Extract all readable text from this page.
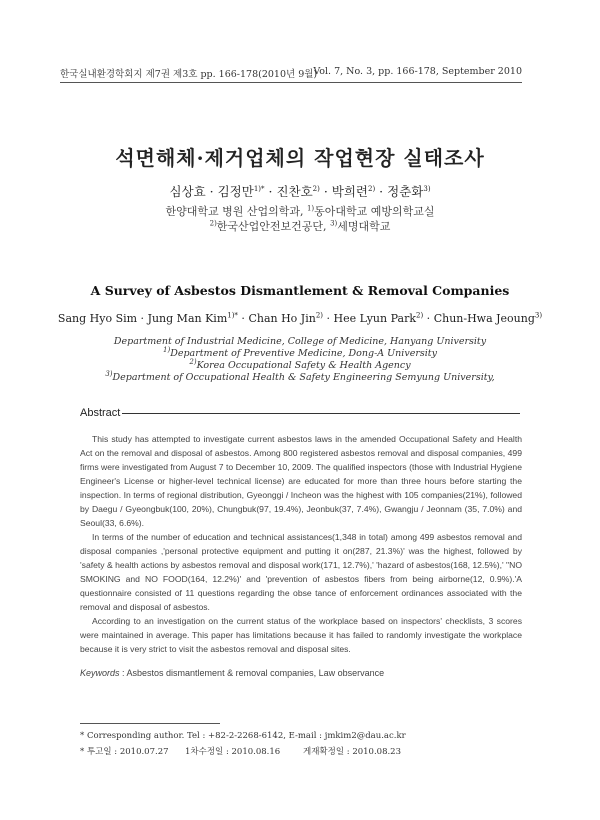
한국실내환경학회지 제7권 제3호 pp. 166-178(2010년 9월)
Vol. 7, No. 3, pp. 166-178, September 2010
석면해체·제거업체의 작업현장 실태조사
심상효 · 김정만$^{1)*}$ · 진찬호$^{2)}$ · 박희련$^{2)}$ · 정춘화$^{3)}$
한양대학교 병원 산업의학과, $^{1)}$동아대학교 예방의학교실
$^{2)}$한국산업안전보건공단, $^{3)}$세명대학교
A Survey of Asbestos Dismantlement & Removal Companies
Sang Hyo Sim · Jung Man Kim$^{1)*}$ · Chan Ho Jin$^{2)}$ · Hee Lyun Park$^{2)}$ · Chun-Hwa Jeoung$^{3)}$
Department of Industrial Medicine, College of Medicine, Hanyang University
$^{1)}$Department of Preventive Medicine, Dong-A University
$^{2)}$Korea Occupational Safety & Health Agency
$^{3)}$Department of Occupational Health & Safety Engineering Semyung University,
Abstract

This study has attempted to investigate current asbestos laws in the amended Occupational Safety and Health Act on the removal and disposal of asbestos. Among 800 registered asbestos removal and disposal companies, 499 firms were investigated from August 7 to December 10, 2009. The qualified inspectors (those with Industrial Hygiene Engineer's License or higher-level technical license) are educated for more than three hours before starting the inspection. In terms of regional distribution, Gyeonggi / Incheon was the highest with 105 companies(21%), followed by Daegu / Gyeongbuk(100, 20%), Chungbuk(97, 19.4%), Jeonbuk(37, 7.4%), Gwangju / Jeonnam (35, 7.0%) and Seoul(33, 6.6%).

In terms of the number of education and technical assistances(1,348 in total) among 499 asbestos removal and disposal companies ,'personal protective equipment and putting it on(287, 21.3%)' was the highest, followed by 'safety & health actions by asbestos removal and disposal work(171, 12.7%),' 'hazard of asbestos(168, 12.5%),' "NO SMOKING and NO FOOD(164, 12.2%)' and 'prevention of asbestos fibers from being airborne(12, 0.9%).'A questionnaire consisted of 11 questions regarding the obse tance of enforcement ordinances associated with the removal and disposal of asbestos.

According to an investigation on the current status of the workplace based on inspectors' checklists, 3 scores were maintained in average. This paper has limitations because it has failed to randomly investigate the workplace because it is very strict to visit the asbestos removal and disposal sites.

Keywords : Asbestos dismantlement & removal companies, Law observance
* Corresponding author. Tel : +82-2-2268-6142, E-mail : jmkim2@dau.ac.kr
* 투고일 : 2010.07.27 1차수정일 : 2010.08.16	게재확정일 : 2010.08.23
